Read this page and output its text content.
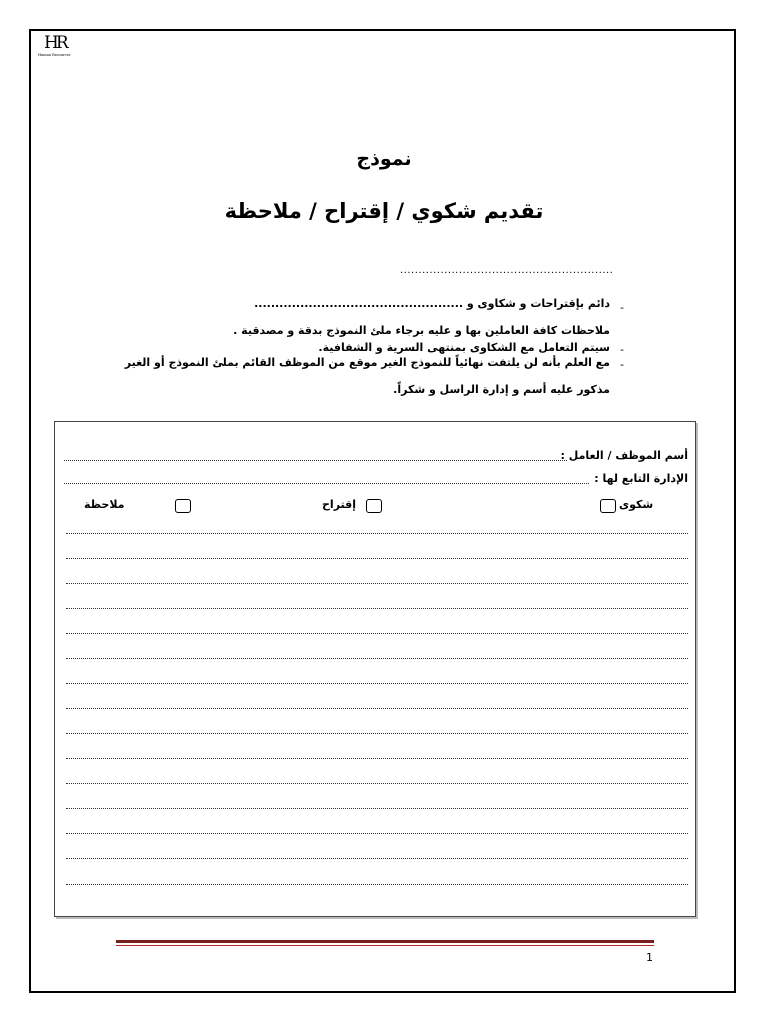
HR
Human Resources
نموذج
تقديم شكوي / إقتراح / ملاحظة
..........................................................
دائم بإقتراحات و شكاوى و ..................................................	-
ملاحظات كافة العاملين بها و عليه برجاء ملئ النموذج بدقة و مصدقية .
سيتم التعامل مع الشكاوى بمنتهى السرية و الشفافية. -
مع العلم بأنه لن يلتفت نهائياً للنموذج الغير موقع من الموظف القائم بملئ النموذج أو الغير -
مذكور عليه أسم و إدارة الراسل و شكراً.
أسم الموظف / العامل :
الإدارة التابع لها :
شكوى
إقتراح
ملاحظة
1
